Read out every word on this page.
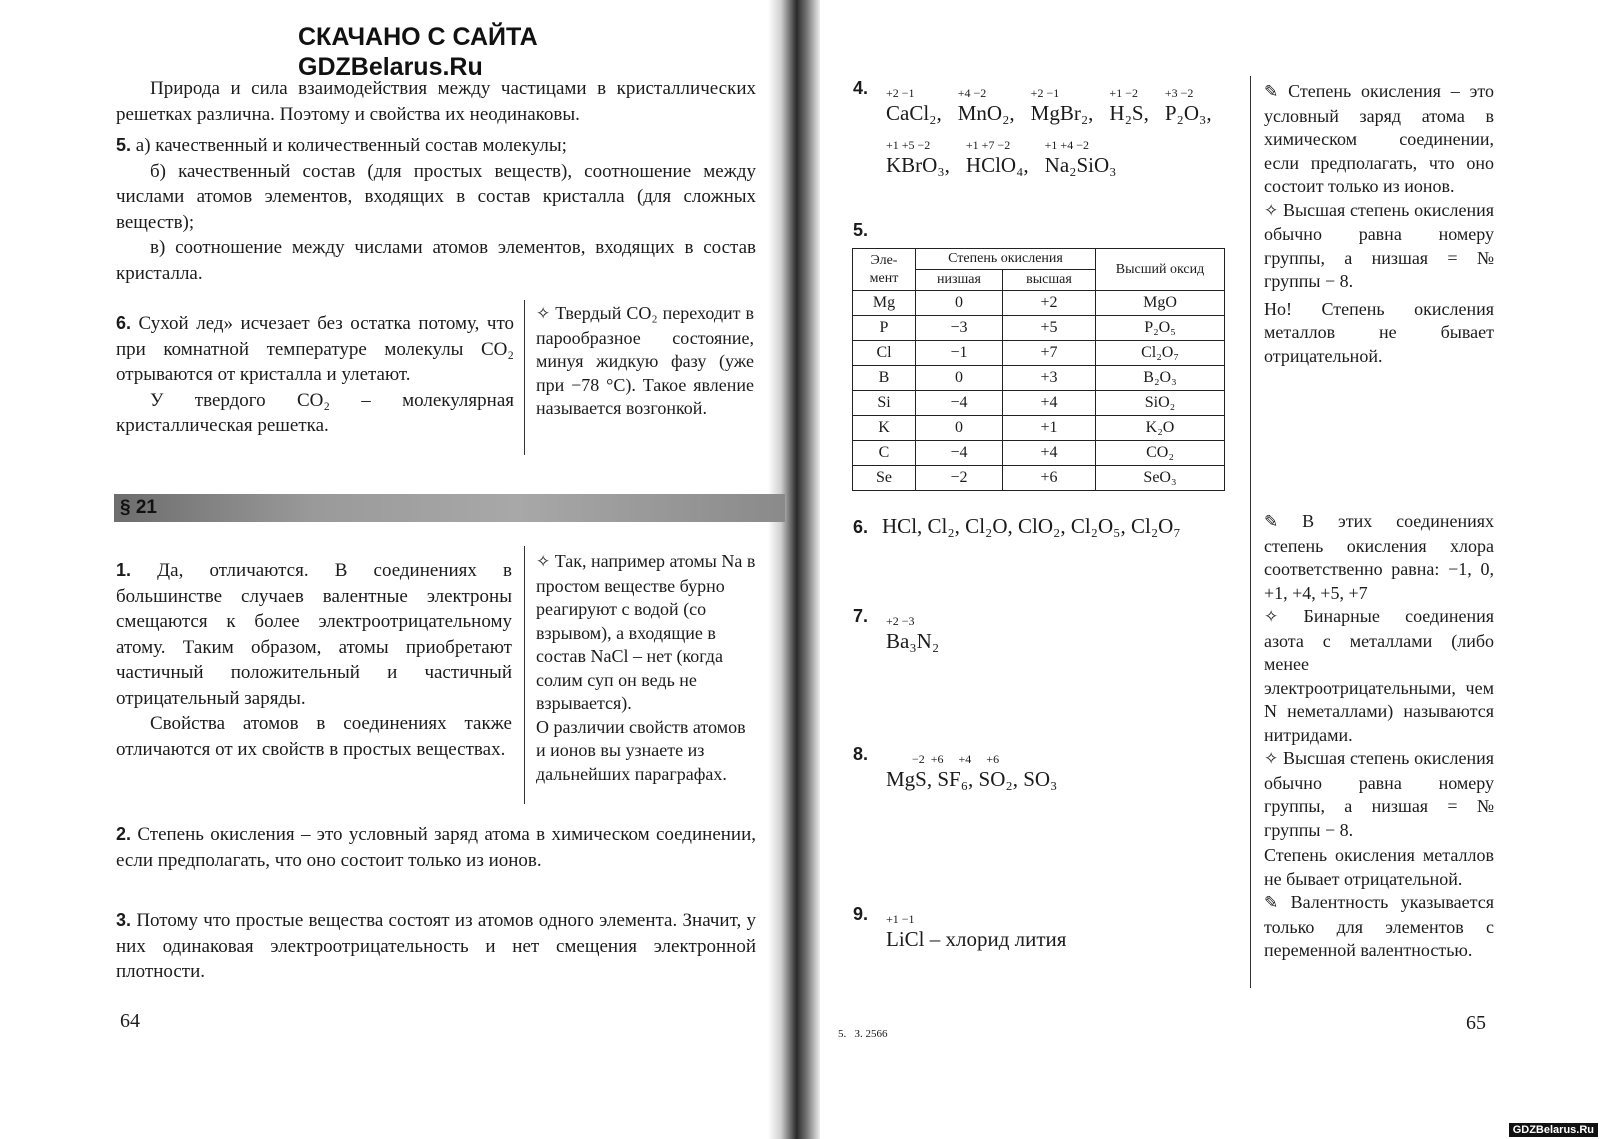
СКАЧАНО С САЙТА
GDZBelarus.Ru
Природа и сила взаимодействия между частицами в кристаллических решетках различна. Поэтому и свойства их неодинаковы.

5. а) качественный и количественный состав молекулы;

б) качественный состав (для простых веществ), соотношение между числами атомов элементов, входящих в состав кристалла (для сложных веществ);

в) соотношение между числами атомов элементов, входящих в состав кристалла.

6. Сухой лед» исчезает без остатка потому, что при комнатной температуре молекулы CO₂ отрываются от кристалла и улетают.

У твердого CO₂ – молекулярная кристаллическая решетка.

✧ Твердый CO₂ переходит в парообразное состояние, минуя жидкую фазу (уже при −78 °C). Такое явление называется возгонкой.
§ 21

1. Да, отличаются. В соединениях в большинстве случаев валентные электроны смещаются к более электроотрицательному атому. Таким образом, атомы приобретают частичный положительный и частичный отрицательный заряды.

Свойства атомов в соединениях также отличаются от их свойств в простых веществах.

✧ Так, например атомы Na в простом веществе бурно реагируют с водой (со взрывом), а входящие в состав NaCl – нет (когда солим суп он ведь не взрывается).
О различии свойств атомов и ионов вы узнаете из дальнейших параграфах.

2. Степень окисления – это условный заряд атома в химическом соединении, если предполагать, что оно состоит только из ионов.

3. Потому что простые вещества состоят из атомов одного элемента. Значит, у них одинаковая электроотрицательность и нет смещения электронной плотности.

64
4. +2 −1
CaCl₂,
+4 −2
MnO₂,
+2 −1
MgBr₂,
+1 −2
H₂S,
+3 −2
P₂O₃,
+1 +5 −2
KBrO₃,
+1 +7 −2
HClO₄,
+1 +4 −2
Na₂SiO₃
5.
Эле-
мент	Степень окисления		Высший оксид
	низшая	высшая	
Mg	0	+2	MgO
P	−3	+5	P₂O₅
Cl	−1	+7	Cl₂O₇
B	0	+3	B₂O₃
Si	−4	+4	SiO₂
K	0	+1	K₂O
C	−4	+4	CO₂
Se	−2	+6	SeO₃
6. HCl, Cl₂, Cl₂O, ClO₂, Cl₂O₅, Cl₂O₇
7. +2 −3
Ba₃N₂
8.	−2  +6     +4     +6
MgS, SF₆, SO₂, SO₃
9. +1 −1
LiCl – хлорид лития
✎ Степень окисления – это условный заряд атома в химическом соединении, если предполагать, что оно состоит только из ионов.
✧ Высшая степень окисления обычно равна номеру группы, а низшая = № группы − 8.
Но! Степень окисления металлов не бывает отрицательной.
✎ В этих соединениях степень окисления хлора соответственно равна: −1, 0, +1, +4, +5, +7
✧ Бинарные соединения азота с металлами (либо менее электроотрицательными, чем N неметаллами) называются нитридами.
✧ Высшая степень окисления обычно равна номеру группы, а низшая = № группы − 8.
Степень окисления металлов не бывает отрицательной.
✎ Валентность указывается только для элементов с переменной валентностью.
5.   З. 2566	65
GDZBelarus.Ru
